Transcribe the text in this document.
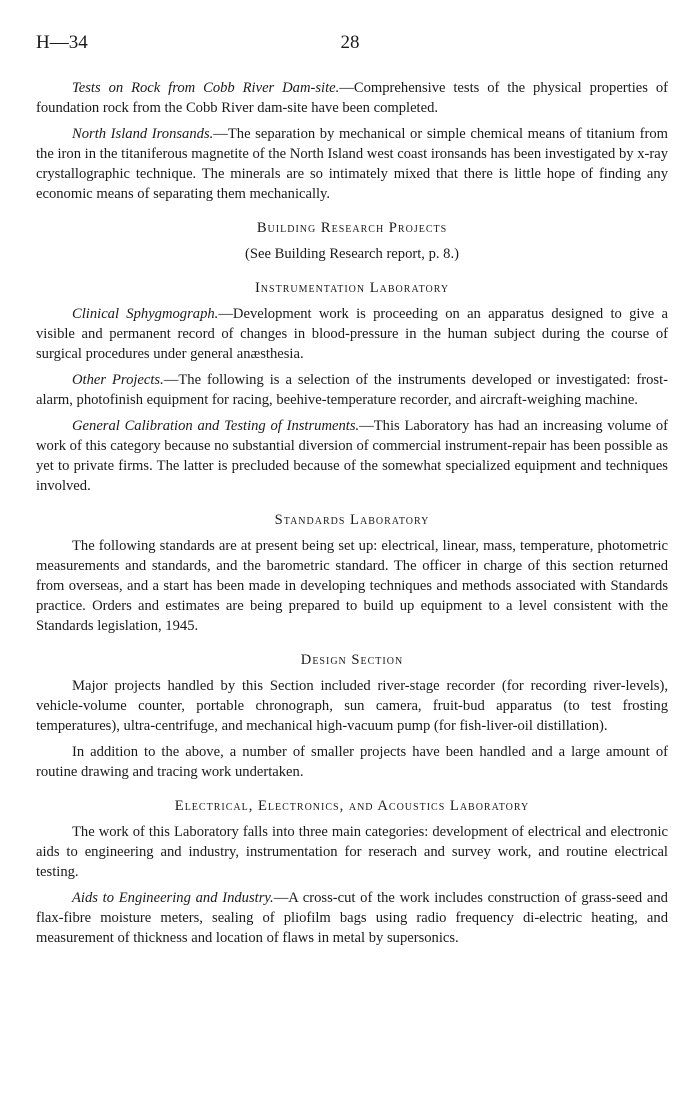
H—34	28

Tests on Rock from Cobb River Dam-site.—Comprehensive tests of the physical properties of foundation rock from the Cobb River dam-site have been completed.

North Island Ironsands.—The separation by mechanical or simple chemical means of titanium from the iron in the titaniferous magnetite of the North Island west coast ironsands has been investigated by x-ray crystallographic technique. The minerals are so intimately mixed that there is little hope of finding any economic means of separating them mechanically.

Building Research Projects

(See Building Research report, p. 8.)

Instrumentation Laboratory

Clinical Sphygmograph.—Development work is proceeding on an apparatus designed to give a visible and permanent record of changes in blood-pressure in the human subject during the course of surgical procedures under general anæsthesia.

Other Projects.—The following is a selection of the instruments developed or investigated: frost-alarm, photofinish equipment for racing, beehive-temperature recorder, and aircraft-weighing machine.

General Calibration and Testing of Instruments.—This Laboratory has had an increasing volume of work of this category because no substantial diversion of commercial instrument-repair has been possible as yet to private firms. The latter is precluded because of the somewhat specialized equipment and techniques involved.

Standards Laboratory

The following standards are at present being set up: electrical, linear, mass, temperature, photometric measurements and standards, and the barometric standard. The officer in charge of this section returned from overseas, and a start has been made in developing techniques and methods associated with Standards practice. Orders and estimates are being prepared to build up equipment to a level consistent with the Standards legislation, 1945.

Design Section

Major projects handled by this Section included river-stage recorder (for recording river-levels), vehicle-volume counter, portable chronograph, sun camera, fruit-bud apparatus (to test frosting temperatures), ultra-centrifuge, and mechanical high-vacuum pump (for fish-liver-oil distillation).

In addition to the above, a number of smaller projects have been handled and a large amount of routine drawing and tracing work undertaken.

Electrical, Electronics, and Acoustics Laboratory

The work of this Laboratory falls into three main categories: development of electrical and electronic aids to engineering and industry, instrumentation for reserach and survey work, and routine electrical testing.

Aids to Engineering and Industry.—A cross-cut of the work includes construction of grass-seed and flax-fibre moisture meters, sealing of pliofilm bags using radio frequency di-electric heating, and measurement of thickness and location of flaws in metal by supersonics.
